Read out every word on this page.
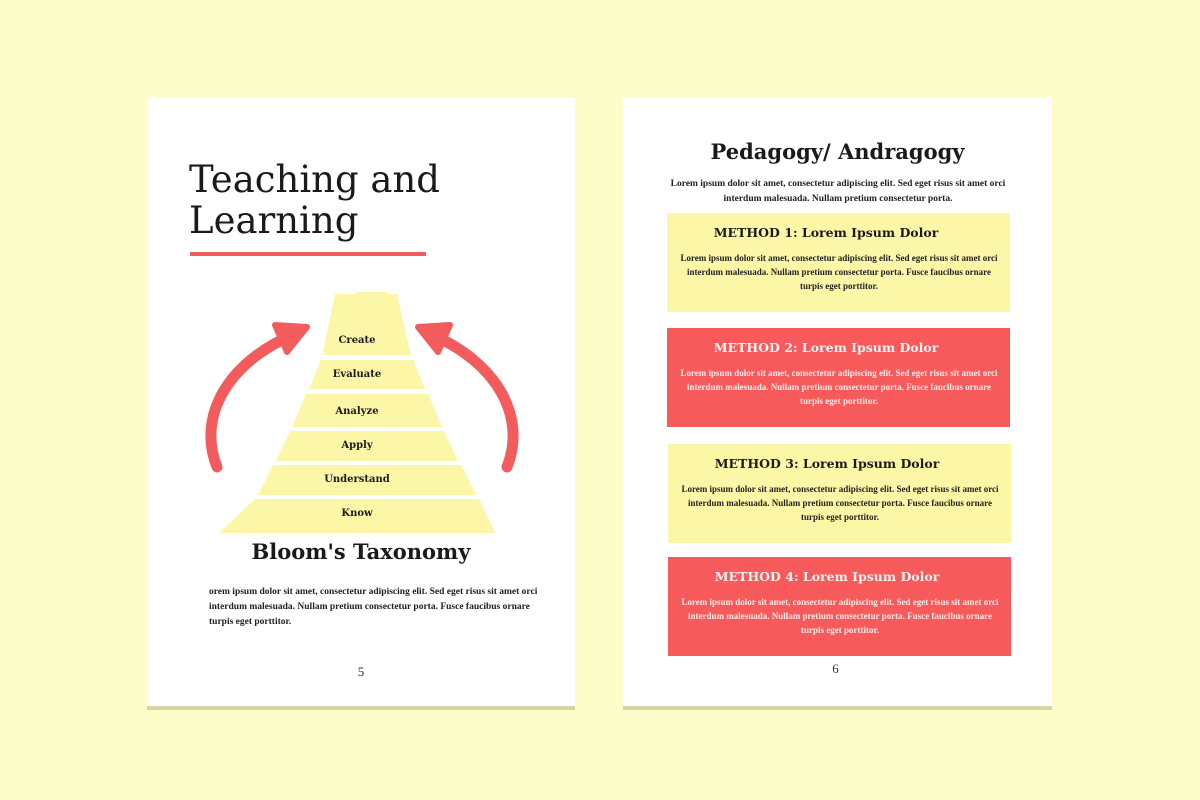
Teaching and
Learning
Create
Evaluate
Analyze
Apply
Understand
Know
Bloom's Taxonomy

orem ipsum dolor sit amet, consectetur adipiscing elit. Sed eget risus sit amet orci interdum malesuada. Nullam pretium consectetur porta. Fusce faucibus ornare turpis eget porttitor.

5
Pedagogy/ Andragogy

Lorem ipsum dolor sit amet, consectetur adipiscing elit. Sed eget risus sit amet orci interdum malesuada. Nullam pretium consectetur porta.

METHOD 1: Lorem Ipsum Dolor
Lorem ipsum dolor sit amet, consectetur adipiscing elit. Sed eget risus sit amet orci interdum malesuada. Nullam pretium consectetur porta. Fusce faucibus ornare turpis eget porttitor.
METHOD 2: Lorem Ipsum Dolor
Lorem ipsum dolor sit amet, consectetur adipiscing elit. Sed eget risus sit amet orci interdum malesuada. Nullam pretium consectetur porta. Fusce faucibus ornare turpis eget porttitor.
METHOD 3: Lorem Ipsum Dolor
Lorem ipsum dolor sit amet, consectetur adipiscing elit. Sed eget risus sit amet orci interdum malesuada. Nullam pretium consectetur porta. Fusce faucibus ornare turpis eget porttitor.
METHOD 4: Lorem Ipsum Dolor
Lorem ipsum dolor sit amet, consectetur adipiscing elit. Sed eget risus sit amet orci interdum malesuada. Nullam pretium consectetur porta. Fusce faucibus ornare turpis eget porttitor.
6
